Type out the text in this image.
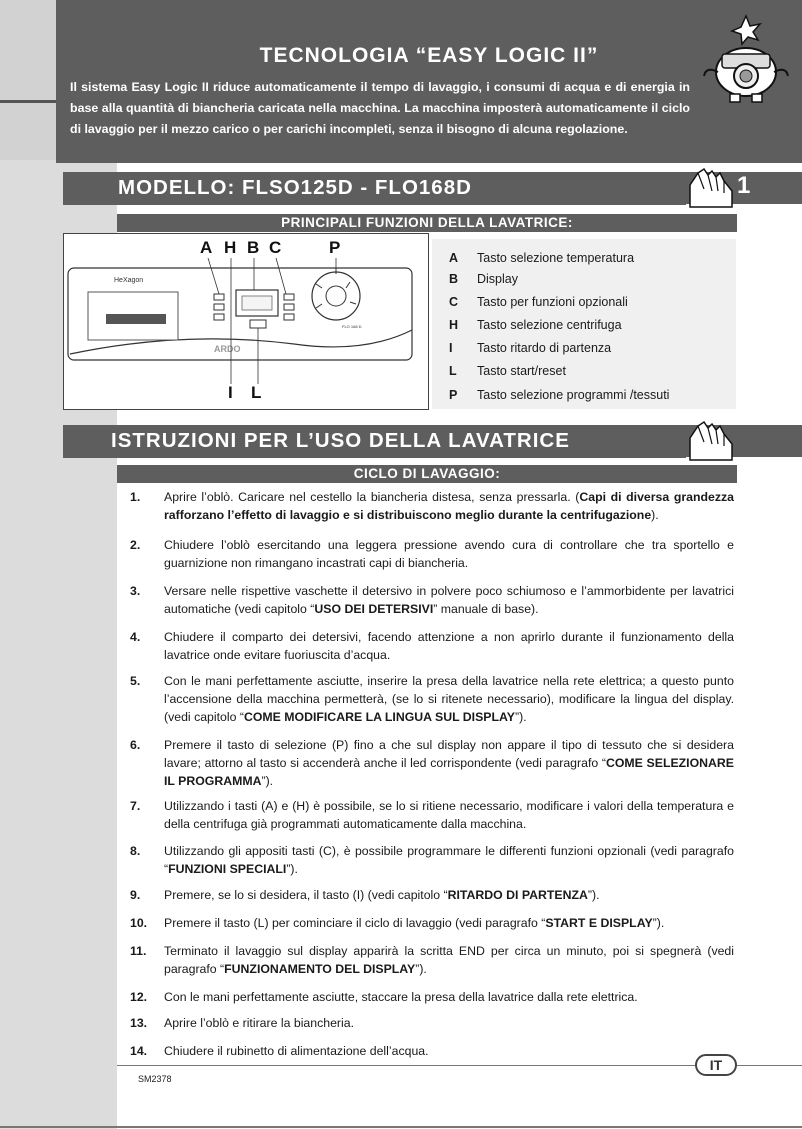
TECNOLOGIA “EASY LOGIC II”
Il sistema Easy Logic II riduce automaticamente il tempo di lavaggio, i consumi di acqua e di energia in base alla quantità di biancheria caricata nella macchina. La macchina imposterà automaticamente il ciclo di lavaggio per il mezzo carico o per carichi incompleti, senza il bisogno di alcuna regolazione.
MODELLO: FLSO125D - FLO168D	1
PRINCIPALI FUNZIONI DELLA LAVATRICE:
HeXagon
ARDO
FLO 168 D
A H B C	P
I L
A	Tasto selezione temperatura
B	Display
C	Tasto per funzioni opzionali
H	Tasto selezione centrifuga
I	Tasto ritardo di partenza
L	Tasto start/reset
P	Tasto selezione programmi /tessuti
ISTRUZIONI PER L’USO DELLA LAVATRICE
CICLO DI LAVAGGIO:
1.	Aprire l’oblò. Caricare nel cestello la biancheria distesa, senza pressarla. (Capi di diversa grandezza rafforzano l’effetto di lavaggio e si distribuiscono meglio durante la centrifugazione).
2.	Chiudere l’oblò esercitando una leggera pressione avendo cura di controllare che tra sportello e guarnizione non rimangano incastrati capi di biancheria.
3.	Versare nelle rispettive vaschette il detersivo in polvere poco schiumoso e l’ammorbidente per lavatrici automatiche (vedi capitolo “USO DEI DETERSIVI” manuale di base).
4.	Chiudere il comparto dei detersivi, facendo attenzione a non aprirlo durante il funzionamento della lavatrice onde evitare fuoriuscita d’acqua.
5.	Con le mani perfettamente asciutte, inserire la presa della lavatrice nella rete elettrica; a questo punto l’accensione della macchina permetterà, (se lo si ritenete necessario), modificare la lingua del display. (vedi capitolo “COME MODIFICARE LA LINGUA SUL DISPLAY”).
6.	Premere il tasto di selezione (P) fino a che sul display non appare il tipo di tessuto che si desidera lavare; attorno al tasto si accenderà anche il led corrispondente (vedi paragrafo “COME SELEZIONARE IL PROGRAMMA”).
7.	Utilizzando i tasti (A) e (H) è possibile, se lo si ritiene necessario, modificare i valori della temperatura e della centrifuga già programmati automaticamente dalla macchina.
8.	Utilizzando gli appositi tasti (C), è possibile programmare le differenti funzioni opzionali (vedi paragrafo “FUNZIONI SPECIALI”).
9.	Premere, se lo si desidera, il tasto (I) (vedi capitolo “RITARDO DI PARTENZA”).
10.	Premere il tasto (L) per cominciare il ciclo di lavaggio (vedi paragrafo “START E DISPLAY”).
11.	Terminato il lavaggio sul display apparirà la scritta END per circa un minuto, poi si spegnerà (vedi paragrafo “FUNZIONAMENTO DEL DISPLAY”).
12.	Con le mani perfettamente asciutte, staccare la presa della lavatrice dalla rete elettrica.
13.	Aprire l’oblò e ritirare la biancheria.
14.	Chiudere il rubinetto di alimentazione dell’acqua.
IT
SM2378
